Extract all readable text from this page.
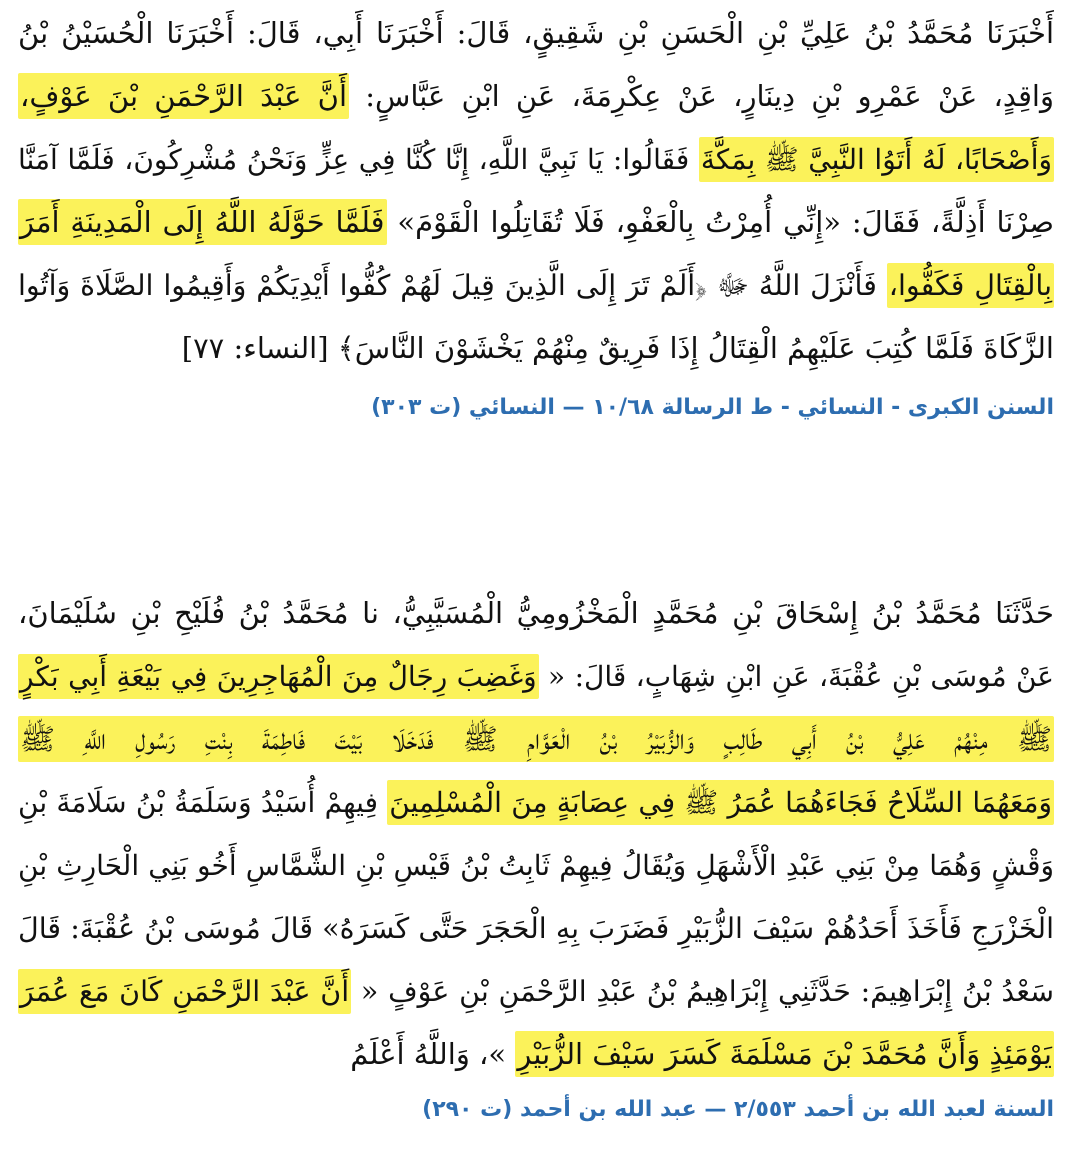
أَخْبَرَنَا مُحَمَّدُ بْنُ عَلِيِّ بْنِ الْحَسَنِ بْنِ شَقِيقٍ، قَالَ: أَخْبَرَنَا أَبِي، قَالَ: أَخْبَرَنَا الْحُسَيْنُ بْنُ
وَاقِدٍ، عَنْ عَمْرِو بْنِ دِينَارٍ، عَنْ عِكْرِمَةَ، عَنِ ابْنِ عَبَّاسٍ: أَنَّ عَبْدَ الرَّحْمَنِ بْنَ عَوْفٍ،
وَأَصْحَابًا، لَهُ أَتَوُا النَّبِيَّ ﷺ بِمَكَّةَ فَقَالُوا: يَا نَبِيَّ اللَّهِ، إِنَّا كُنَّا فِي عِزٍّ وَنَحْنُ مُشْرِكُونَ، فَلَمَّا آمَنَّا
صِرْنَا أَذِلَّةً، فَقَالَ: «إِنِّي أُمِرْتُ بِالْعَفْوِ، فَلَا تُقَاتِلُوا الْقَوْمَ» فَلَمَّا حَوَّلَهُ اللَّهُ إِلَى الْمَدِينَةِ أَمَرَ
بِالْقِتَالِ فَكَفُّوا، فَأَنْزَلَ اللَّهُ ﷻ ﴿أَلَمْ تَرَ إِلَى الَّذِينَ قِيلَ لَهُمْ كُفُّوا أَيْدِيَكُمْ وَأَقِيمُوا الصَّلَاةَ وَآتُوا
الزَّكَاةَ فَلَمَّا كُتِبَ عَلَيْهِمُ الْقِتَالُ إِذَا فَرِيقٌ مِنْهُمْ يَخْشَوْنَ النَّاسَ﴾ [النساء: ٧٧]
السنن الكبرى - النسائي - ط الرسالة ١٠/٦٨ — النسائي (ت ٣٠٣)
حَدَّثَنَا مُحَمَّدُ بْنُ إِسْحَاقَ بْنِ مُحَمَّدٍ الْمَخْزُومِيُّ الْمُسَيَّبِيُّ، نا مُحَمَّدُ بْنُ فُلَيْحِ بْنِ سُلَيْمَانَ،
عَنْ مُوسَى بْنِ عُقْبَةَ، عَنِ ابْنِ شِهَابٍ، قَالَ: « وَغَضِبَ رِجَالٌ مِنَ الْمُهَاجِرِينَ فِي بَيْعَةِ أَبِي بَكْرٍ
ﷺ مِنْهُمْ عَلِيُّ بْنُ أَبِي طَالِبٍ وَالزُّبَيْرُ بْنُ الْعَوَّامِ ﷺ فَدَخَلَا بَيْتَ فَاطِمَةَ بِنْتِ رَسُولِ اللَّهِ ﷺ
وَمَعَهُمَا السِّلَاحُ فَجَاءَهُمَا عُمَرُ ﷺ فِي عِصَابَةٍ مِنَ الْمُسْلِمِينَ فِيهِمْ أُسَيْدُ وَسَلَمَةُ بْنُ سَلَامَةَ بْنِ
وَقْشٍ وَهُمَا مِنْ بَنِي عَبْدِ الْأَشْهَلِ وَيُقَالُ فِيهِمْ ثَابِتُ بْنُ قَيْسِ بْنِ الشَّمَّاسِ أَخُو بَنِي الْحَارِثِ بْنِ
الْخَزْرَجِ فَأَخَذَ أَحَدُهُمْ سَيْفَ الزُّبَيْرِ فَضَرَبَ بِهِ الْحَجَرَ حَتَّى كَسَرَهُ» قَالَ مُوسَى بْنُ عُقْبَةَ: قَالَ
سَعْدُ بْنُ إِبْرَاهِيمَ: حَدَّثَنِي إِبْرَاهِيمُ بْنُ عَبْدِ الرَّحْمَنِ بْنِ عَوْفٍ « أَنَّ عَبْدَ الرَّحْمَنِ كَانَ مَعَ عُمَرَ
يَوْمَئِذٍ وَأَنَّ مُحَمَّدَ بْنَ مَسْلَمَةَ كَسَرَ سَيْفَ الزُّبَيْرِ »، وَاللَّهُ أَعْلَمُ
السنة لعبد الله بن أحمد ٢/٥٥٣ — عبد الله بن أحمد (ت ٢٩٠)
